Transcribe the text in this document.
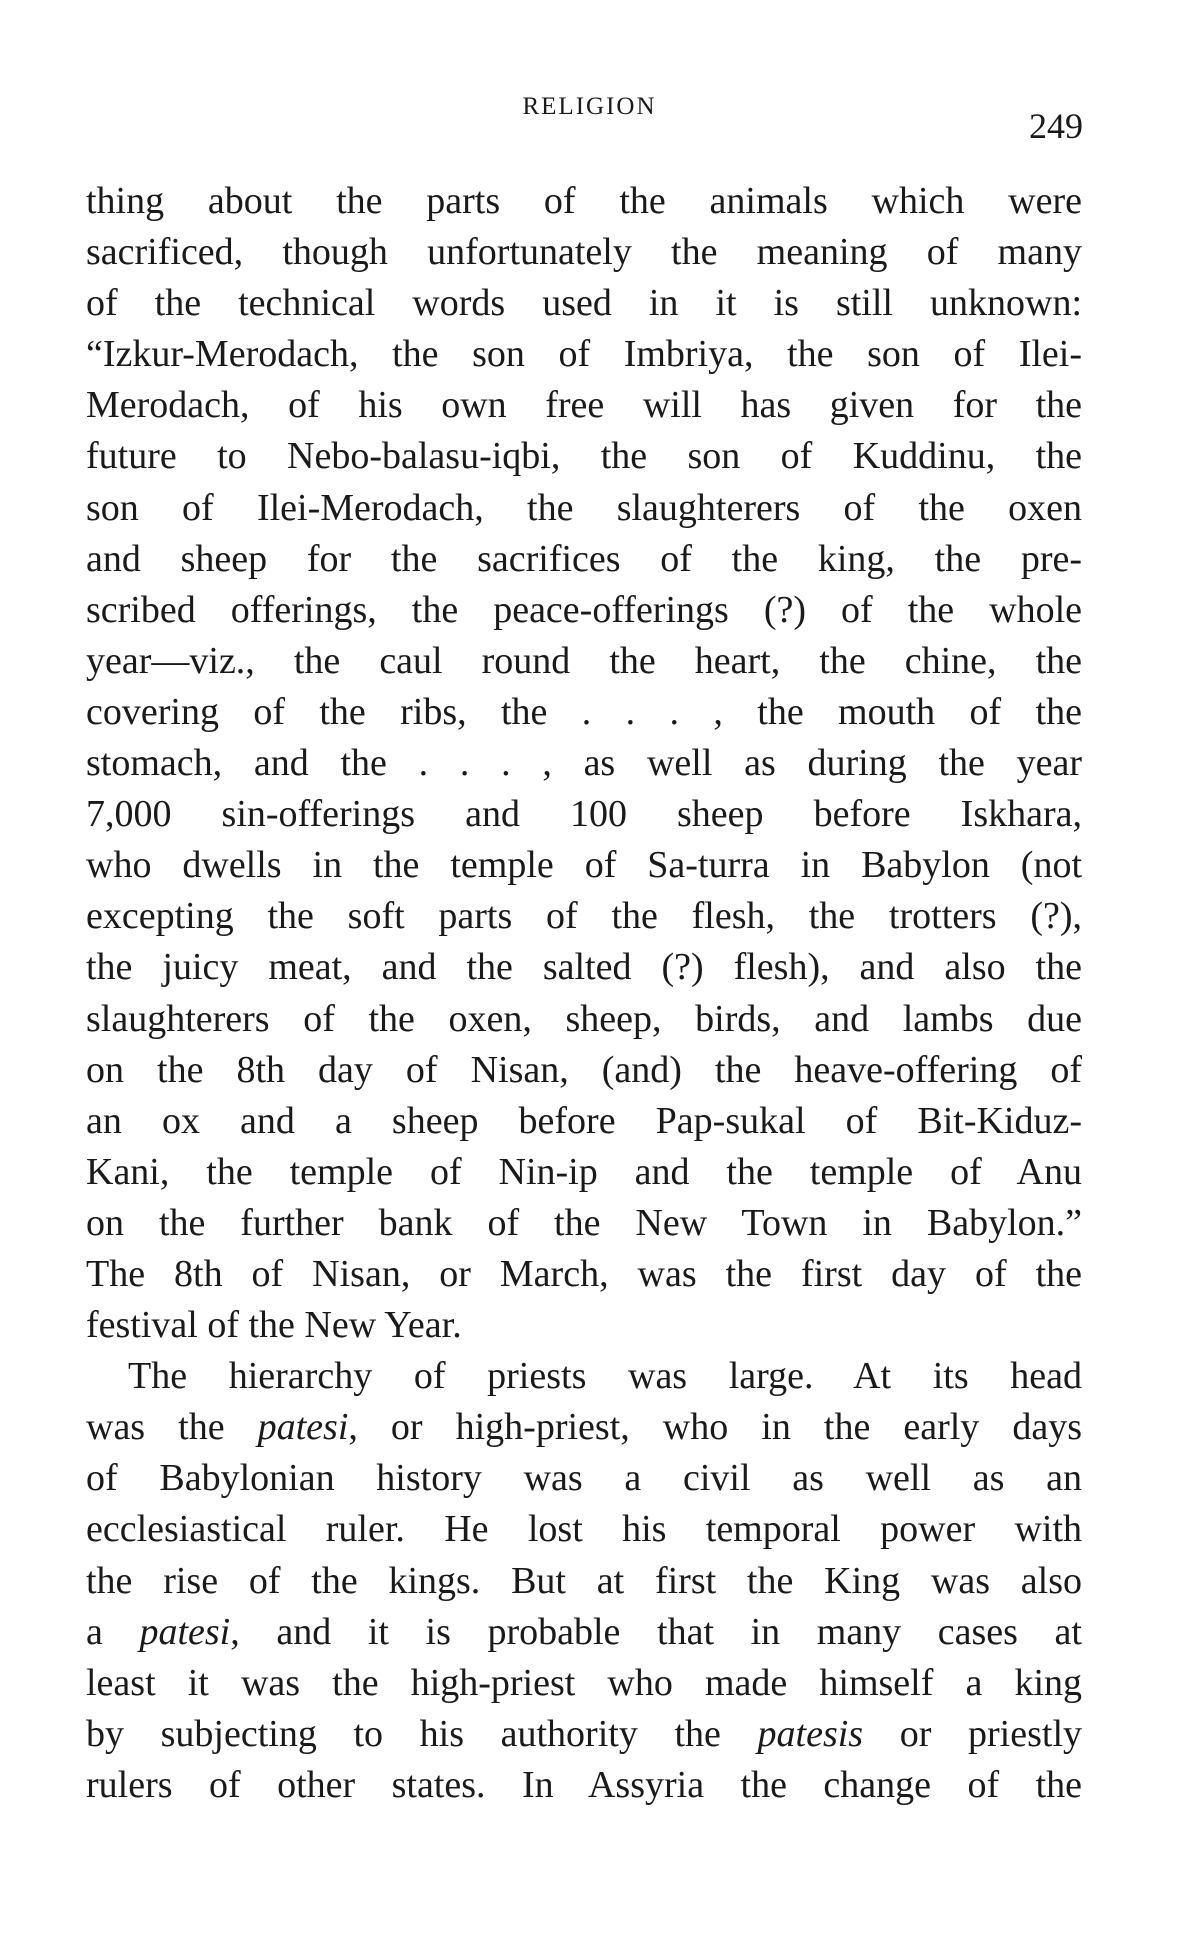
RELIGION	249
thing about the parts of the animals which were
sacrificed, though unfortunately the meaning of many
of the technical words used in it is still unknown:
“Izkur-Merodach, the son of Imbriya, the son of Ilei-
Merodach, of his own free will has given for the
future to Nebo-balasu-iqbi, the son of Kuddinu, the
son of Ilei-Merodach, the slaughterers of the oxen
and sheep for the sacrifices of the king, the pre-
scribed offerings, the peace-offerings (?) of the whole
year—viz., the caul round the heart, the chine, the
covering of the ribs, the . . . , the mouth of the
stomach, and the . . . , as well as during the year
7,000 sin-offerings and 100 sheep before Iskhara,
who dwells in the temple of Sa-turra in Babylon (not
excepting the soft parts of the flesh, the trotters (?),
the juicy meat, and the salted (?) flesh), and also the
slaughterers of the oxen, sheep, birds, and lambs due
on the 8th day of Nisan, (and) the heave-offering of
an ox and a sheep before Pap-sukal of Bit-Kiduz-
Kani, the temple of Nin-ip and the temple of Anu
on the further bank of the New Town in Babylon.”
The 8th of Nisan, or March, was the first day of the
festival of the New Year.
The hierarchy of priests was large. At its head
was the patesi, or high-priest, who in the early days
of Babylonian history was a civil as well as an
ecclesiastical ruler. He lost his temporal power with
the rise of the kings. But at first the King was also
a patesi, and it is probable that in many cases at
least it was the high-priest who made himself a king
by subjecting to his authority the patesis or priestly
rulers of other states. In Assyria the change of the
